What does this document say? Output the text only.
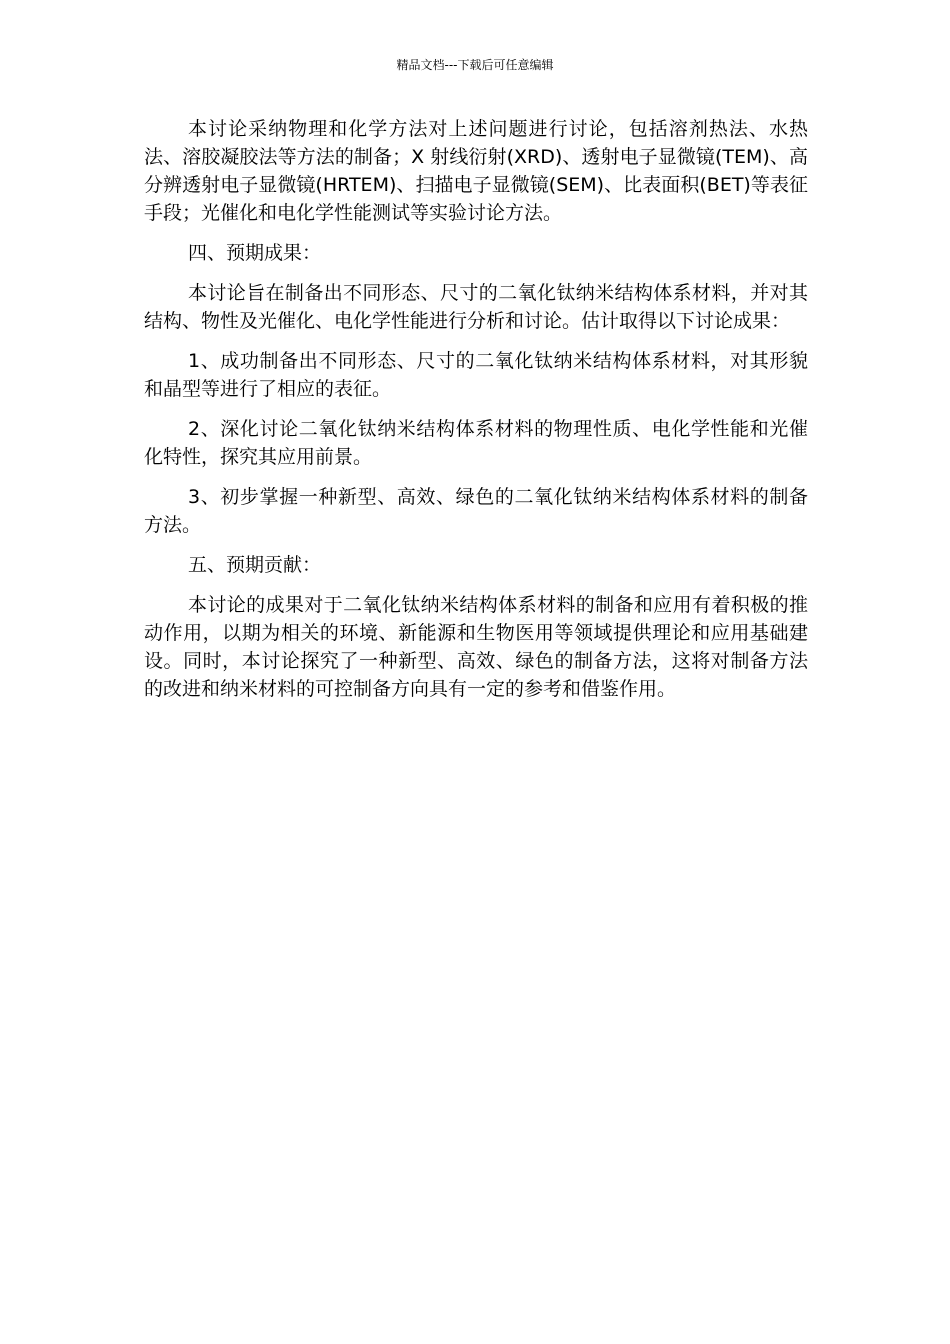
精品文档---下载后可任意编辑

本讨论采纳物理和化学方法对上述问题进行讨论，包括溶剂热法、水热法、溶胶凝胶法等方法的制备；X 射线衍射(XRD)、透射电子显微镜(TEM)、高分辨透射电子显微镜(HRTEM)、扫描电子显微镜(SEM)、比表面积(BET)等表征手段；光催化和电化学性能测试等实验讨论方法。

四、预期成果：

本讨论旨在制备出不同形态、尺寸的二氧化钛纳米结构体系材料，并对其结构、物性及光催化、电化学性能进行分析和讨论。估计取得以下讨论成果：

1、成功制备出不同形态、尺寸的二氧化钛纳米结构体系材料，对其形貌和晶型等进行了相应的表征。

2、深化讨论二氧化钛纳米结构体系材料的物理性质、电化学性能和光催化特性，探究其应用前景。

3、初步掌握一种新型、高效、绿色的二氧化钛纳米结构体系材料的制备方法。

五、预期贡献：

本讨论的成果对于二氧化钛纳米结构体系材料的制备和应用有着积极的推动作用，以期为相关的环境、新能源和生物医用等领域提供理论和应用基础建设。同时，本讨论探究了一种新型、高效、绿色的制备方法，这将对制备方法的改进和纳米材料的可控制备方向具有一定的参考和借鉴作用。
